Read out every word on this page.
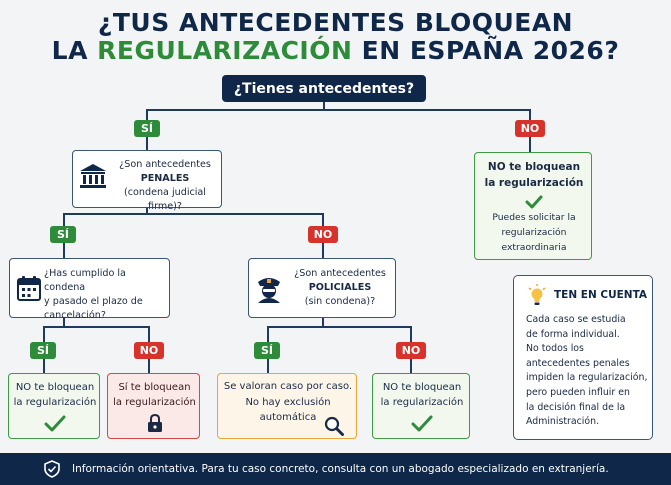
¿TUS ANTECEDENTES BLOQUEAN
LA REGULARIZACIÓN EN ESPAÑA 2026?
¿Tienes antecedentes?
SÍ	NO
¿Son antecedentes
PENALES
(condena judicial firme)?
NO te bloquean
la regularización
Puedes solicitar la
regularización
extraordinaria
SÍ	NO
¿Has cumplido la condena
y pasado el plazo de
cancelación?
¿Son antecedentes
POLICIALES
(sin condena)?
SÍ	NO	SÍ	NO
NO te bloquean
la regularización
Sí te bloquean
la regularización
Se valoran caso por caso.
No hay exclusión
automática
NO te bloquean
la regularización
TEN EN CUENTA
Cada caso se estudia
de forma individual.
No todos los
antecedentes penales
impiden la regularización,
pero pueden influir en
la decisión final de la
Administración.
Información orientativa. Para tu caso concreto, consulta con un abogado especializado en extranjería.
